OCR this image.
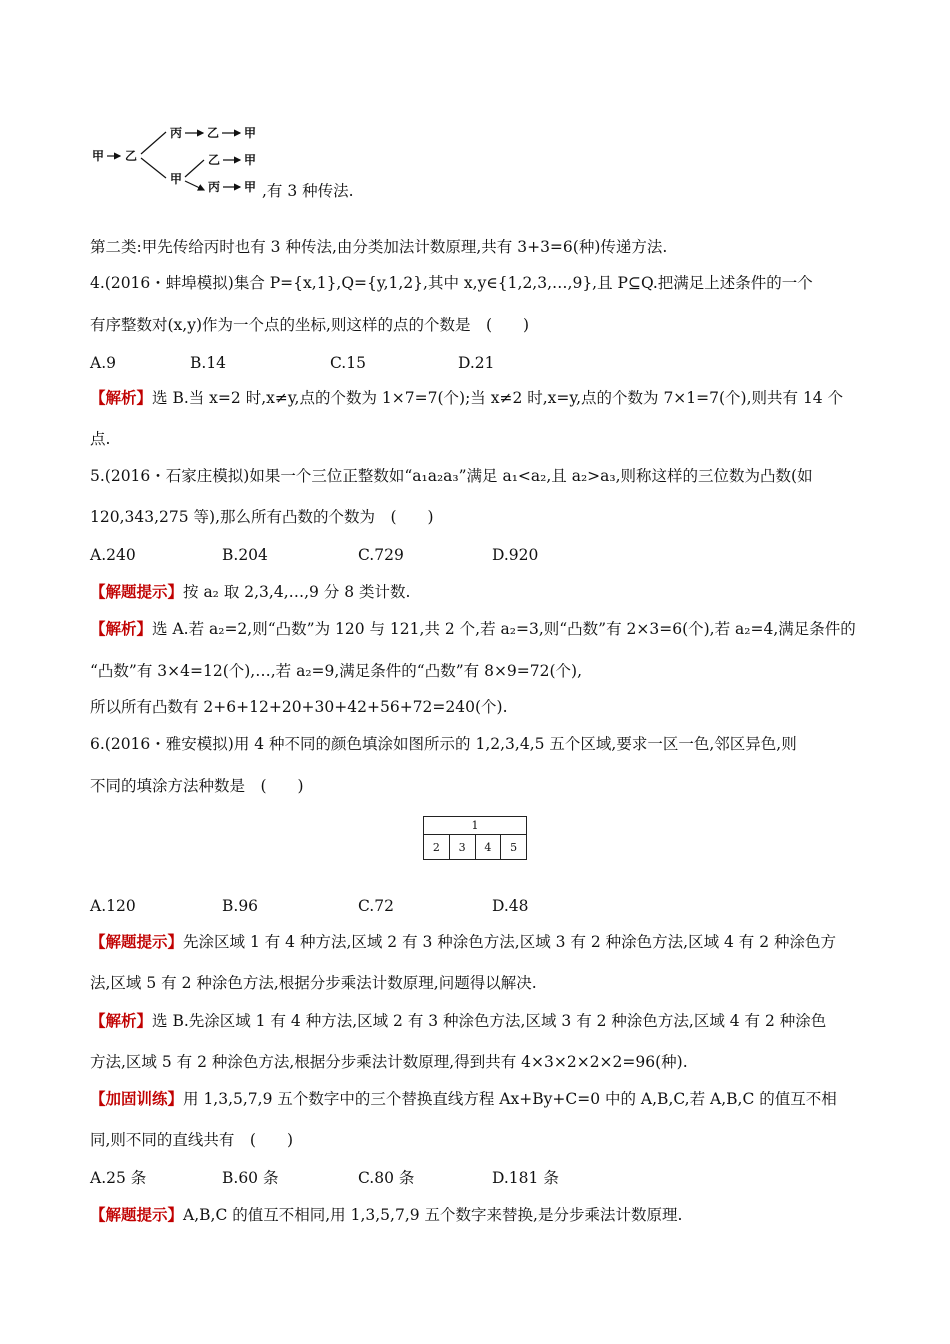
甲 乙
丙 乙 甲
甲
乙 甲
丙 甲 ,有 3 种传法.
第二类:甲先传给丙时也有 3 种传法,由分类加法计数原理,共有 3+3=6(种)传递方法.
4.(2016・蚌埠模拟)集合 P={x,1},Q={y,1,2},其中 x,y∈{1,2,3,…,9},且 P⊆Q.把满足上述条件的一个
有序整数对(x,y)作为一个点的坐标,则这样的点的个数是　(　　)
A.9	B.14	C.15	D.21
【解析】选 B.当 x=2 时,x≠y,点的个数为 1×7=7(个);当 x≠2 时,x=y,点的个数为 7×1=7(个),则共有 14 个
点.
5.(2016・石家庄模拟)如果一个三位正整数如“a₁a₂a₃”满足 a₁<a₂,且 a₂>a₃,则称这样的三位数为凸数(如
120,343,275 等),那么所有凸数的个数为　(　　)
A.240	B.204	C.729	D.920
【解题提示】按 a₂ 取 2,3,4,…,9 分 8 类计数.
【解析】选 A.若 a₂=2,则“凸数”为 120 与 121,共 2 个,若 a₂=3,则“凸数”有 2×3=6(个),若 a₂=4,满足条件的
“凸数”有 3×4=12(个),…,若 a₂=9,满足条件的“凸数”有 8×9=72(个),
所以所有凸数有 2+6+12+20+30+42+56+72=240(个).
6.(2016・雅安模拟)用 4 种不同的颜色填涂如图所示的 1,2,3,4,5 五个区域,要求一区一色,邻区异色,则
不同的填涂方法种数是　(　　)
1
2	3	4	5
A.120	B.96	C.72	D.48
【解题提示】先涂区域 1 有 4 种方法,区域 2 有 3 种涂色方法,区域 3 有 2 种涂色方法,区域 4 有 2 种涂色方
法,区域 5 有 2 种涂色方法,根据分步乘法计数原理,问题得以解决.
【解析】选 B.先涂区域 1 有 4 种方法,区域 2 有 3 种涂色方法,区域 3 有 2 种涂色方法,区域 4 有 2 种涂色
方法,区域 5 有 2 种涂色方法,根据分步乘法计数原理,得到共有 4×3×2×2×2=96(种).
【加固训练】用 1,3,5,7,9 五个数字中的三个替换直线方程 Ax+By+C=0 中的 A,B,C,若 A,B,C 的值互不相
同,则不同的直线共有　(　　)
A.25 条	B.60 条	C.80 条	D.181 条
【解题提示】A,B,C 的值互不相同,用 1,3,5,7,9 五个数字来替换,是分步乘法计数原理.
